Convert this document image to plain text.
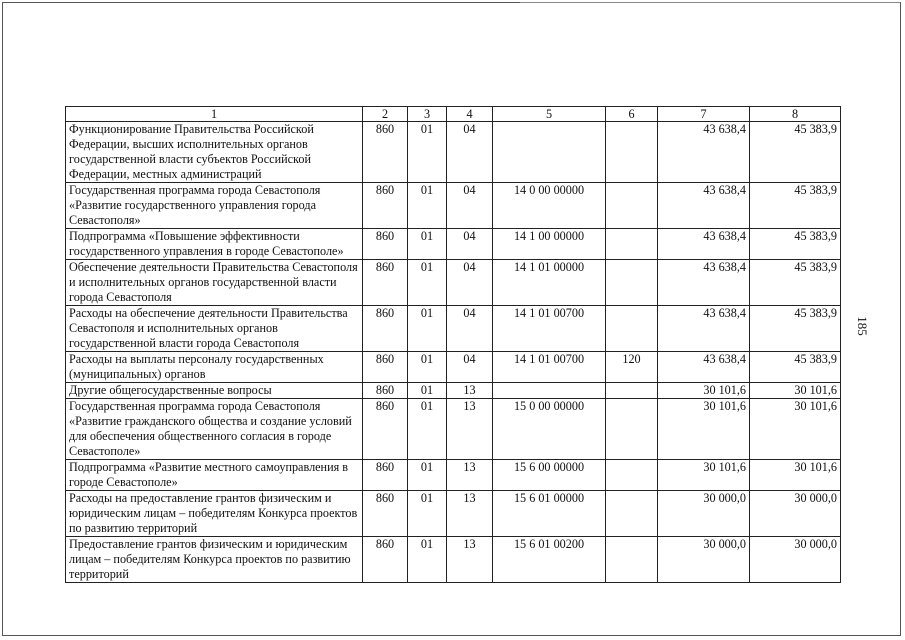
185
1	2	3	4	5	6	7	8
Функционирование Правительства Российской Федерации, высших исполнительных органов государственной власти субъектов Российской Федерации, местных администраций	860	01	04			43 638,4	45 383,9
Государственная программа города Севастополя «Развитие государственного управления города Севастополя»	860	01	04	14 0 00 00000		43 638,4	45 383,9
Подпрограмма «Повышение эффективности государственного управления в городе Севастополе»	860	01	04	14 1 00 00000		43 638,4	45 383,9
Обеспечение деятельности Правительства Севастополя и исполнительных органов государственной власти города Севастополя	860	01	04	14 1 01 00000		43 638,4	45 383,9
Расходы на обеспечение деятельности Правительства Севастополя и исполнительных органов государственной власти города Севастополя	860	01	04	14 1 01 00700		43 638,4	45 383,9
Расходы на выплаты персоналу государственных (муниципальных) органов	860	01	04	14 1 01 00700	120	43 638,4	45 383,9
Другие общегосударственные вопросы	860	01	13			30 101,6	30 101,6
Государственная программа города Севастополя «Развитие гражданского общества и создание условий для обеспечения общественного согласия в городе Севастополе»	860	01	13	15 0 00 00000		30 101,6	30 101,6
Подпрограмма «Развитие местного самоуправления в городе Севастополе»	860	01	13	15 6 00 00000		30 101,6	30 101,6
Расходы на предоставление грантов физическим и юридическим лицам – победителям Конкурса проектов по развитию территорий	860	01	13	15 6 01 00000		30 000,0	30 000,0
Предоставление грантов физическим и юридическим лицам – победителям Конкурса проектов по развитию территорий	860	01	13	15 6 01 00200		30 000,0	30 000,0
